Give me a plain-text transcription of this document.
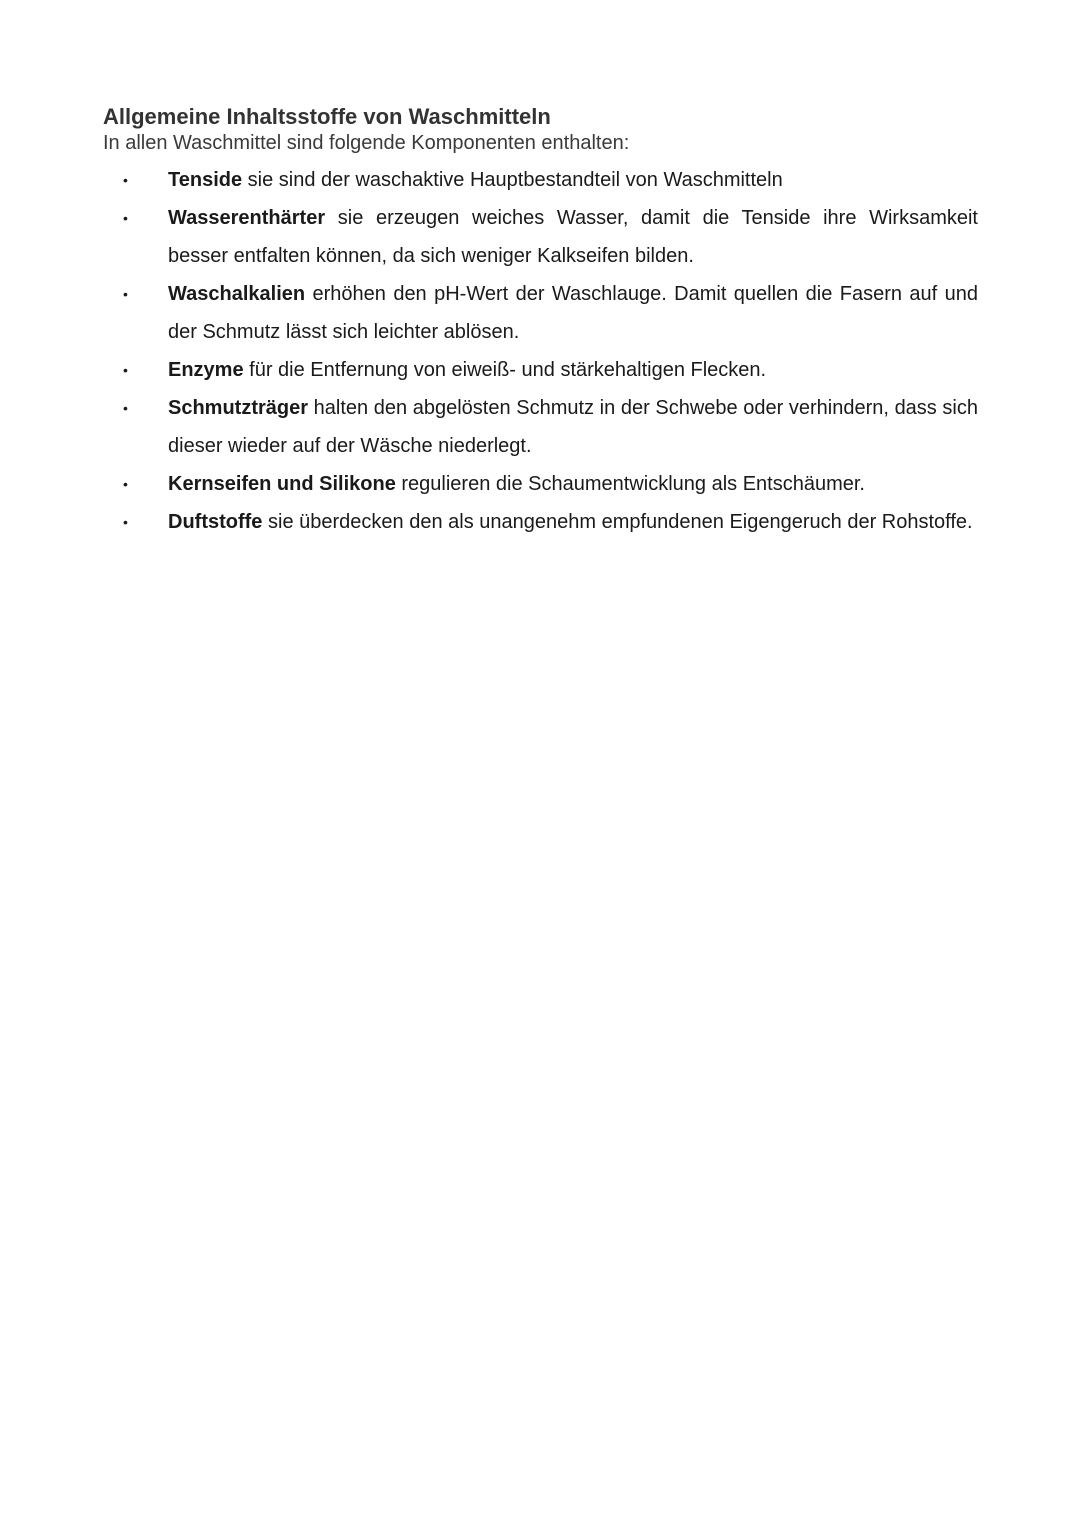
Allgemeine Inhaltsstoffe von Waschmitteln

In allen Waschmittel sind folgende Komponenten enthalten:

• Tenside sie sind der waschaktive Hauptbestandteil von Waschmitteln
• Wasserenthärter sie erzeugen weiches Wasser, damit die Tenside ihre Wirksamkeit besser entfalten können, da sich weniger Kalkseifen bilden.
• Waschalkalien erhöhen den pH-Wert der Waschlauge. Damit quellen die Fasern auf und der Schmutz lässt sich leichter ablösen.
• Enzyme für die Entfernung von eiweiß- und stärkehaltigen Flecken.
• Schmutzträger halten den abgelösten Schmutz in der Schwebe oder verhindern, dass sich dieser wieder auf der Wäsche niederlegt.
• Kernseifen und Silikone regulieren die Schaumentwicklung als Entschäumer.
• Duftstoffe sie überdecken den als unangenehm empfundenen Eigengeruch der Rohstoffe.
